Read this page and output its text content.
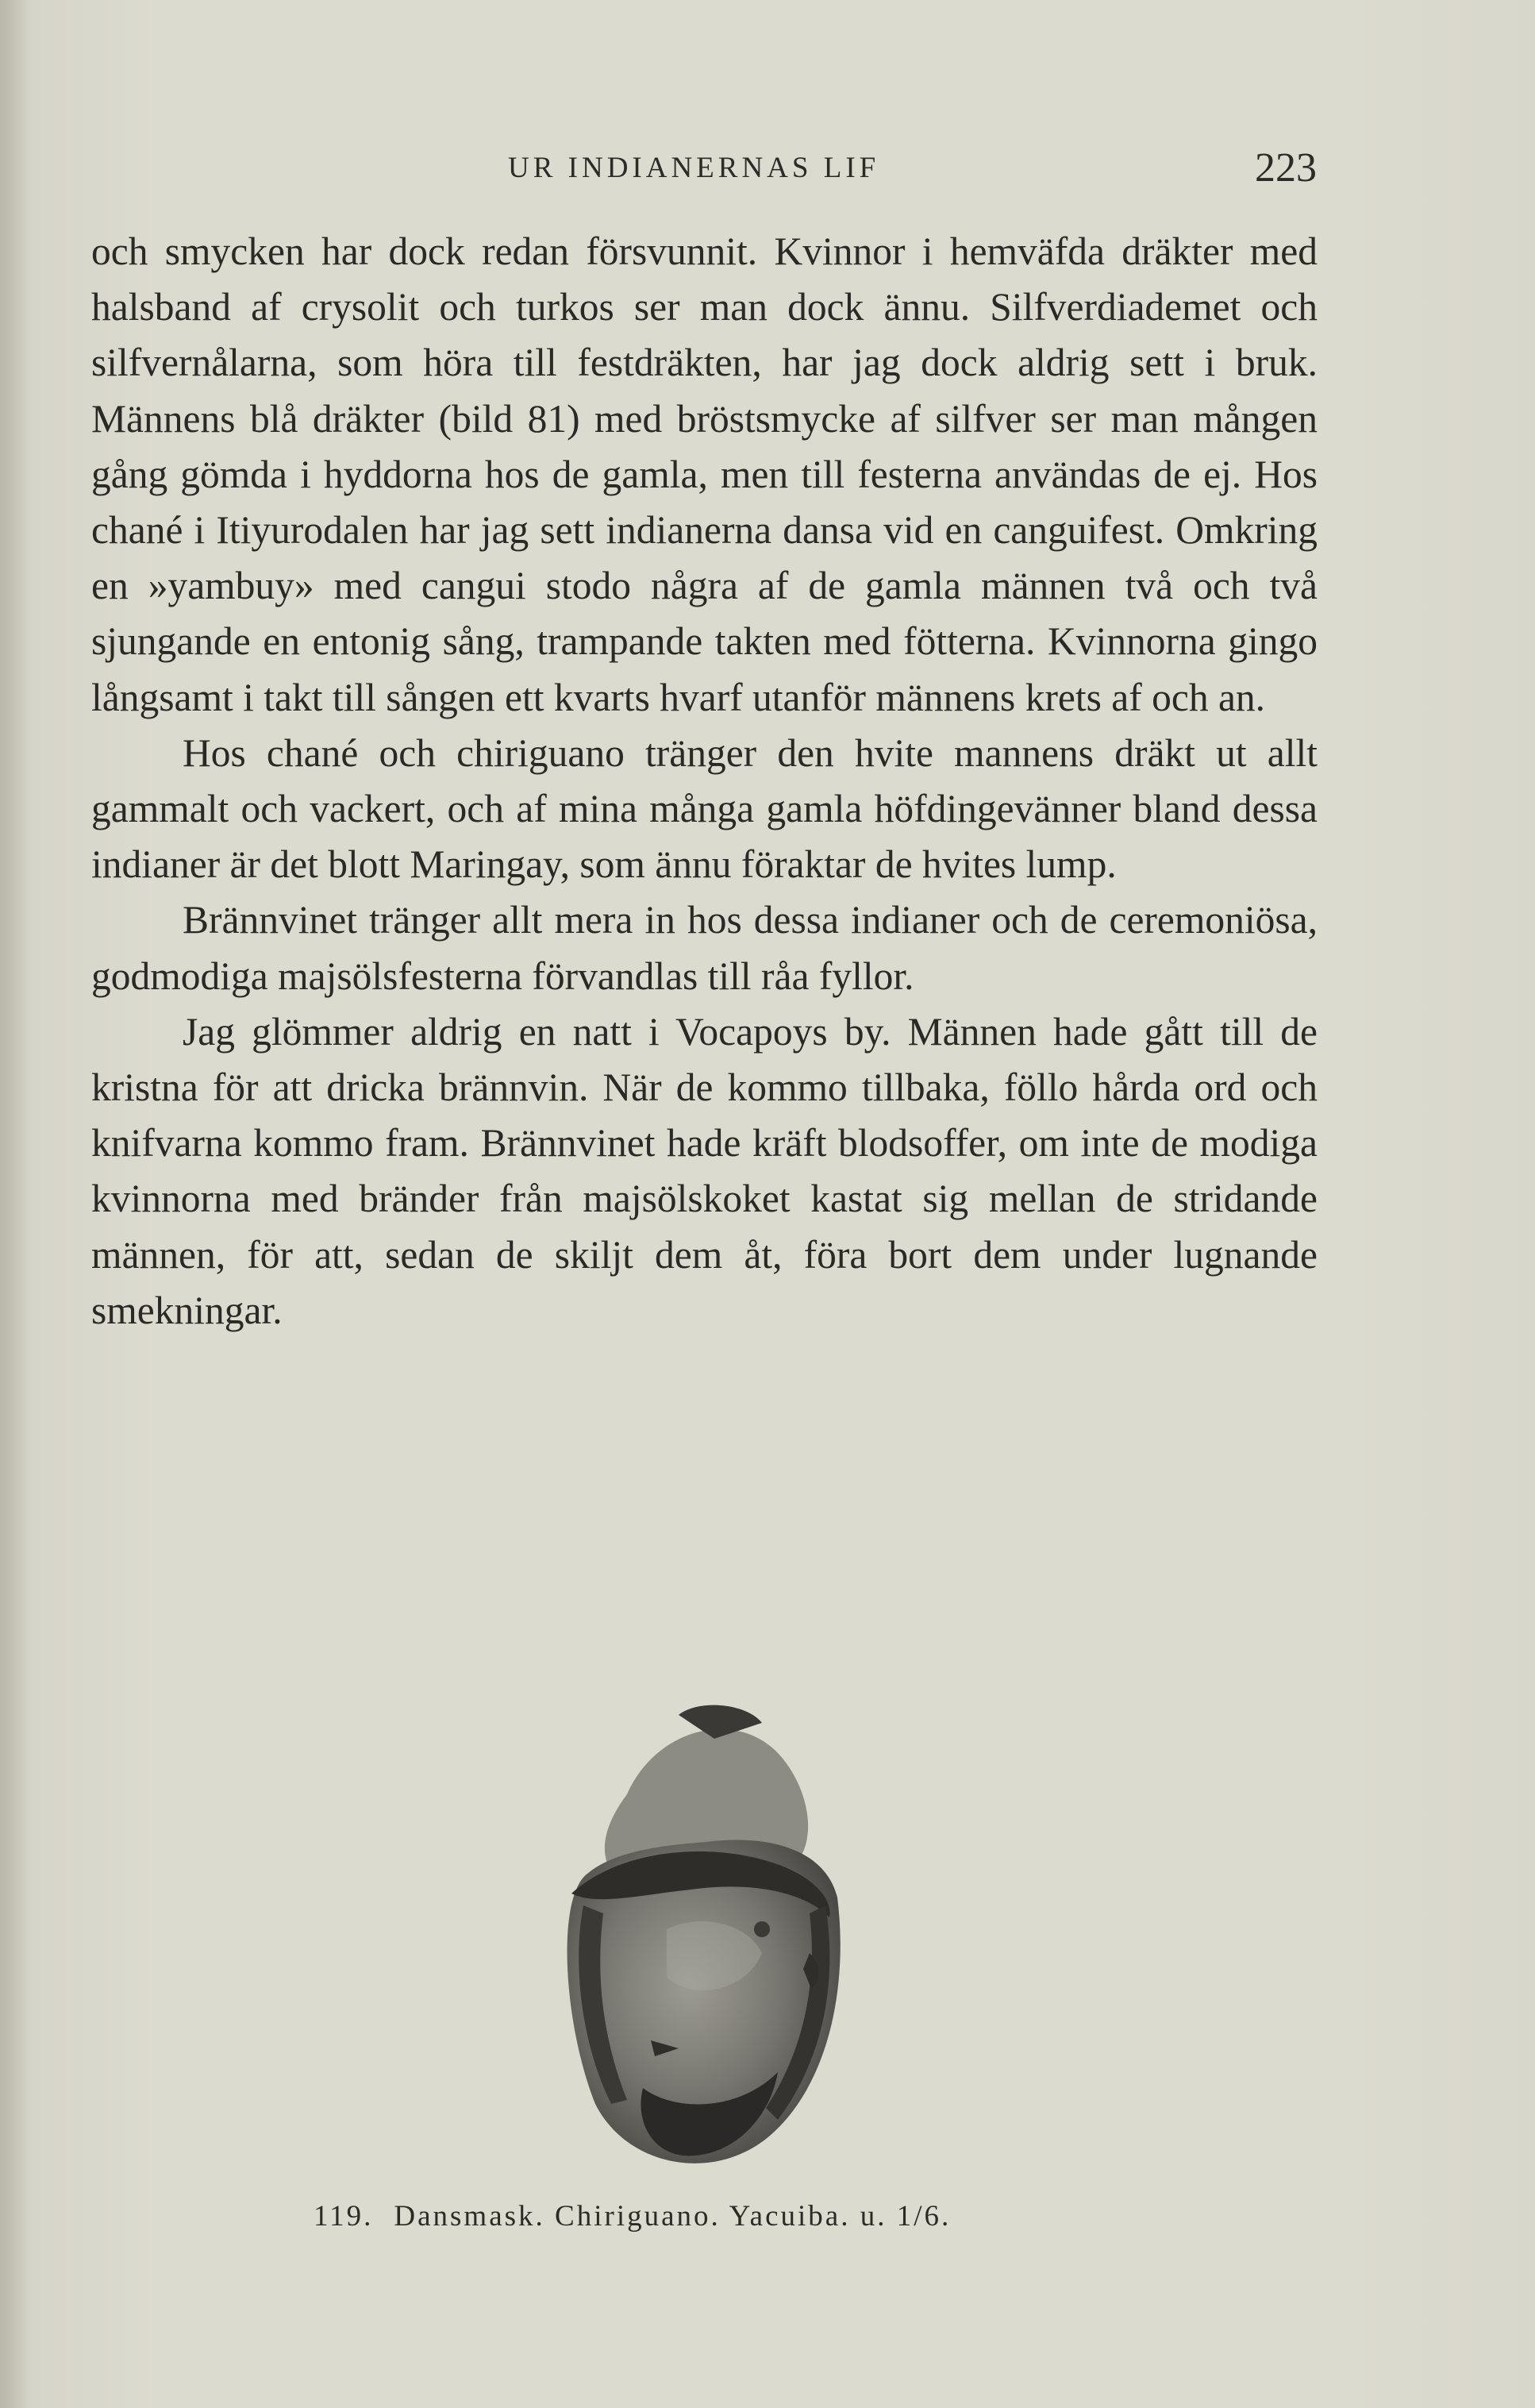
UR INDIANERNAS LIF	223

och smycken har dock redan försvunnit. Kvinnor i hemväfda dräkter med halsband af crysolit och turkos ser man dock ännu. Silfverdiademet och silfvernålarna, som höra till festdräkten, har jag dock aldrig sett i bruk. Männens blå dräkter (bild 81) med bröstsmycke af silfver ser man mången gång gömda i hyddorna hos de gamla, men till festerna användas de ej. Hos chané i Itiyurodalen har jag sett indianerna dansa vid en canguifest. Omkring en »yambuy» med cangui stodo några af de gamla männen två och två sjungande en entonig sång, trampande takten med fötterna. Kvinnorna gingo långsamt i takt till sången ett kvarts hvarf utanför männens krets af och an.

Hos chané och chiriguano tränger den hvite mannens dräkt ut allt gammalt och vackert, och af mina många gamla höfdingevänner bland dessa indianer är det blott Maringay, som ännu föraktar de hvites lump.

Brännvinet tränger allt mera in hos dessa indianer och de ceremoniösa, godmodiga majsölsfesterna förvandlas till råa fyllor.

Jag glömmer aldrig en natt i Vocapoys by. Männen hade gått till de kristna för att dricka brännvin. När de kommo tillbaka, föllo hårda ord och knifvarna kommo fram. Brännvinet hade kräft blodsoffer, om inte de modiga kvinnorna med bränder från majsölskoket kastat sig mellan de stridande männen, för att, sedan de skiljt dem åt, föra bort dem under lugnande smekningar.

119. Dansmask. Chiriguano. Yacuiba. u. 1/6.
